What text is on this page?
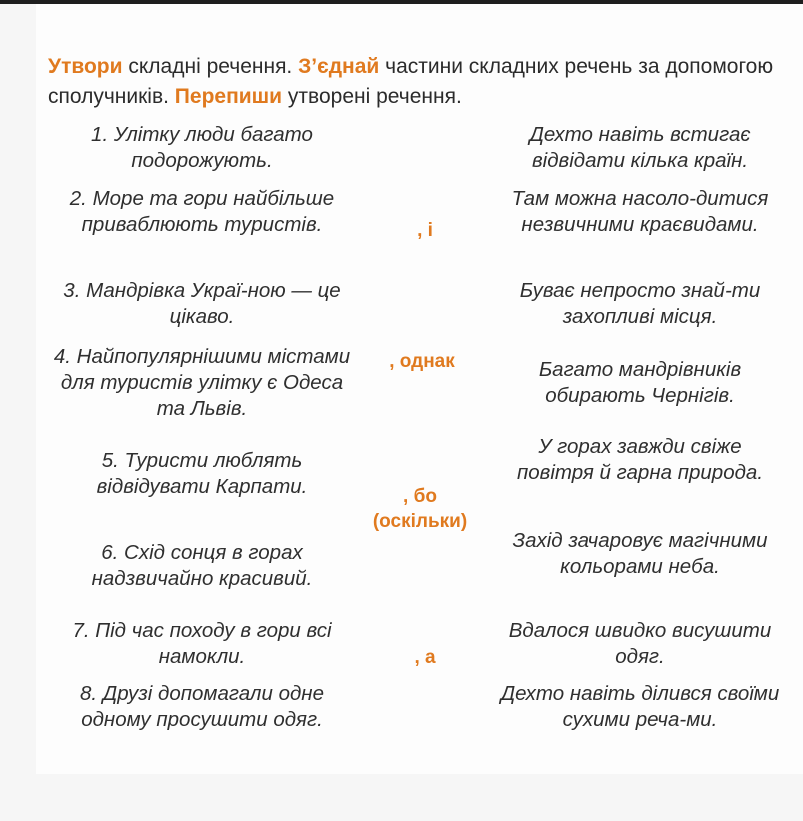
Утвори складні речення. З’єднай частини складних речень за допомогою сполучників. Перепиши утворені речення.
1. Улітку люди багато подорожують.
2. Море та гори найбільше приваблюють туристів.
3. Мандрівка Украї-ною — це цікаво.
4. Найпопулярнішими містами для туристів улітку є Одеса та Львів.
5. Туристи люблять відвідувати Карпати.
6. Схід сонця в горах надзвичайно красивий.
7. Під час походу в гори всі намокли.
8. Друзі допомагали одне одному просушити одяг.
, і
, однак
, бо
(оскільки)
, а
Дехто навіть встигає відвідати кілька країн.
Там можна насоло-дитися незвичними краєвидами.
Буває непросто знай-ти захопливі місця.
Багато мандрівників обирають Чернігів.
У горах завжди свіже повітря й гарна природа.
Захід зачаровує магічними кольорами неба.
Вдалося швидко висушити одяг.
Дехто навіть ділився своїми сухими реча-ми.
